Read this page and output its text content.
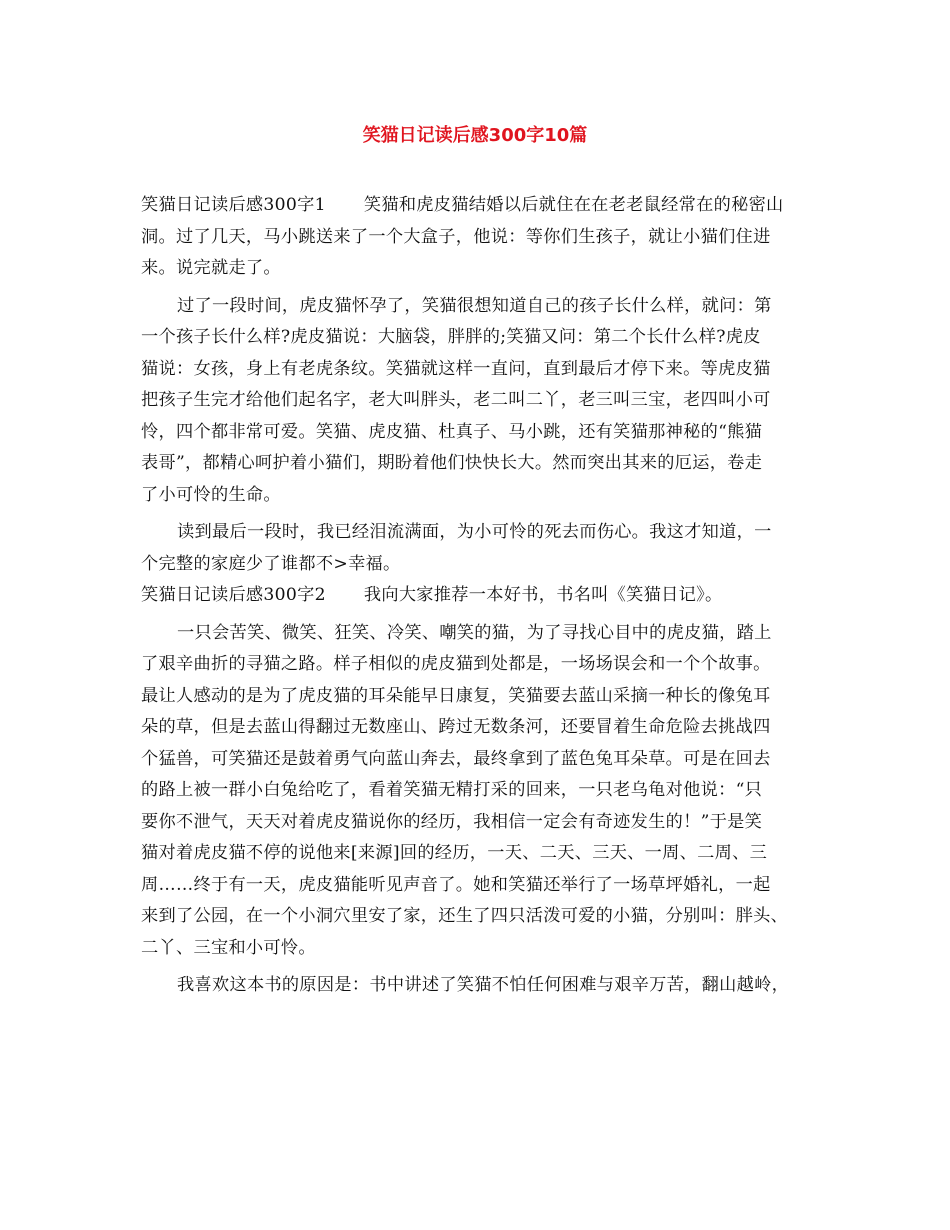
笑猫日记读后感300字10篇
笑猫日记读后感300字1 笑猫和虎皮猫结婚以后就住在在老老鼠经常在的秘密山
洞。过了几天，马小跳送来了一个大盒子，他说：等你们生孩子，就让小猫们住进
来。说完就走了。
过了一段时间，虎皮猫怀孕了，笑猫很想知道自己的孩子长什么样，就问：第
一个孩子长什么样?虎皮猫说：大脑袋，胖胖的;笑猫又问：第二个长什么样?虎皮
猫说：女孩，身上有老虎条纹。笑猫就这样一直问，直到最后才停下来。等虎皮猫
把孩子生完才给他们起名字，老大叫胖头，老二叫二丫，老三叫三宝，老四叫小可
怜，四个都非常可爱。笑猫、虎皮猫、杜真子、马小跳，还有笑猫那神秘的“熊猫
表哥”，都精心呵护着小猫们，期盼着他们快快长大。然而突出其来的厄运，卷走
了小可怜的生命。
读到最后一段时，我已经泪流满面，为小可怜的死去而伤心。我这才知道，一
个完整的家庭少了谁都不>幸福。
笑猫日记读后感300字2 我向大家推荐一本好书，书名叫《笑猫日记》。
一只会苦笑、微笑、狂笑、冷笑、嘲笑的猫，为了寻找心目中的虎皮猫，踏上
了艰辛曲折的寻猫之路。样子相似的虎皮猫到处都是，一场场误会和一个个故事。
最让人感动的是为了虎皮猫的耳朵能早日康复，笑猫要去蓝山采摘一种长的像兔耳
朵的草，但是去蓝山得翻过无数座山、跨过无数条河，还要冒着生命危险去挑战四
个猛兽，可笑猫还是鼓着勇气向蓝山奔去，最终拿到了蓝色兔耳朵草。可是在回去
的路上被一群小白兔给吃了，看着笑猫无精打采的回来，一只老乌龟对他说：“只
要你不泄气，天天对着虎皮猫说你的经历，我相信一定会有奇迹发生的！”于是笑
猫对着虎皮猫不停的说他来[来源]回的经历，一天、二天、三天、一周、二周、三
周……终于有一天，虎皮猫能听见声音了。她和笑猫还举行了一场草坪婚礼，一起
来到了公园，在一个小洞穴里安了家，还生了四只活泼可爱的小猫，分别叫：胖头、
二丫、三宝和小可怜。
我喜欢这本书的原因是：书中讲述了笑猫不怕任何困难与艰辛万苦，翻山越岭，
